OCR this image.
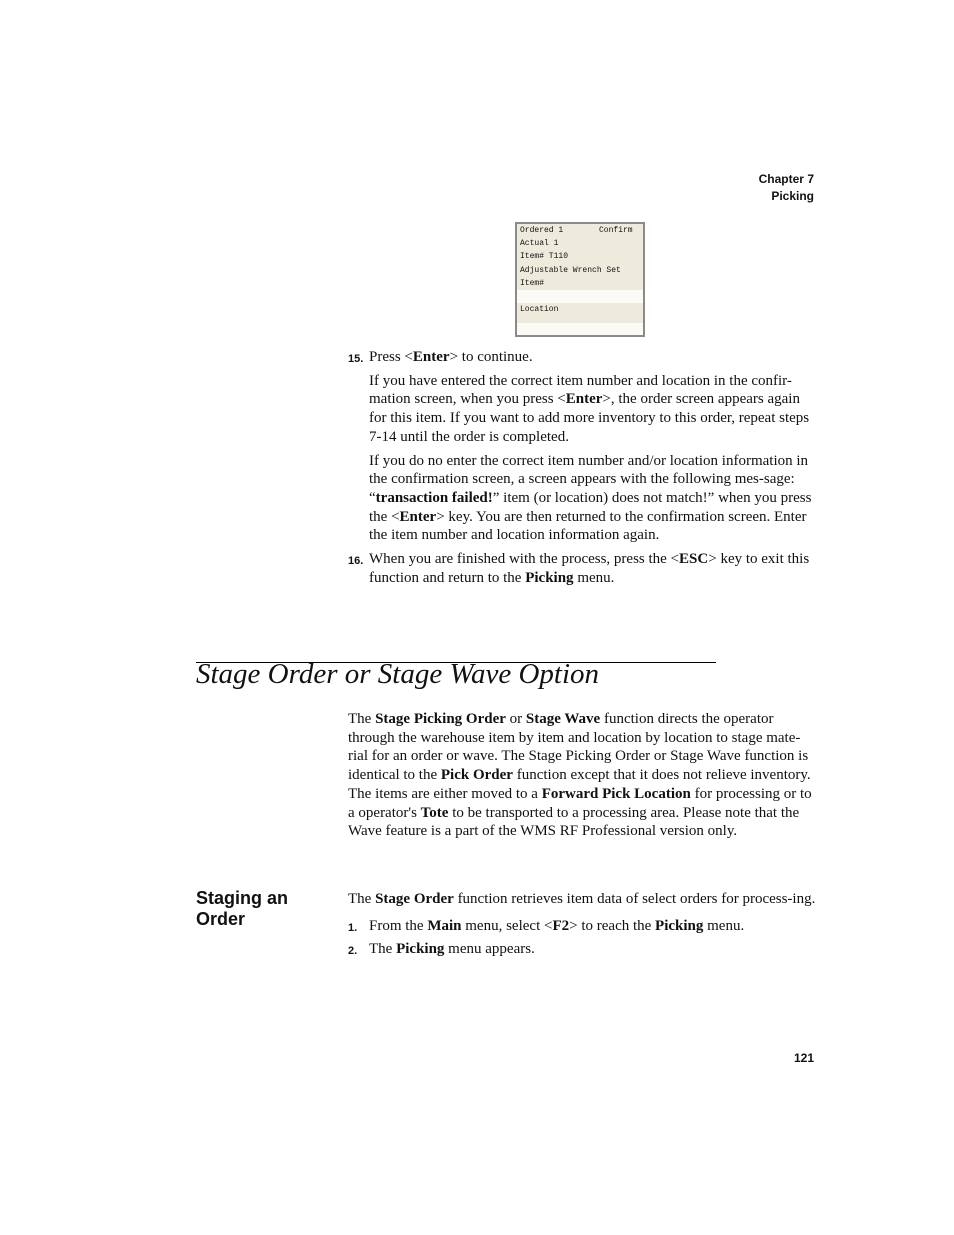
Chapter 7
Picking
Ordered 1	Confirm
Actual 1
Item# T110
Adjustable Wrench Set
Item#
Location
15. Press <Enter> to continue.
If you have entered the correct item number and location in the confir-mation screen, when you press <Enter>, the order screen appears again for this item. If you want to add more inventory to this order, repeat steps 7-14 until the order is completed.
If you do no enter the correct item number and/or location information in the confirmation screen, a screen appears with the following mes-sage: “transaction failed!” item (or location) does not match!” when you press the <Enter> key. You are then returned to the confirmation screen. Enter the item number and location information again.
16. When you are finished with the process, press the <ESC> key to exit this function and return to the Picking menu.
Stage Order or Stage Wave Option
The Stage Picking Order or Stage Wave function directs the operator through the warehouse item by item and location by location to stage mate-rial for an order or wave. The Stage Picking Order or Stage Wave function is identical to the Pick Order function except that it does not relieve inventory. The items are either moved to a Forward Pick Location for processing or to a operator's Tote to be transported to a processing area. Please note that the Wave feature is a part of the WMS RF Professional version only.
Staging an Order
The Stage Order function retrieves item data of select orders for process-ing.
1. From the Main menu, select <F2> to reach the Picking menu.
2. The Picking menu appears.
121
